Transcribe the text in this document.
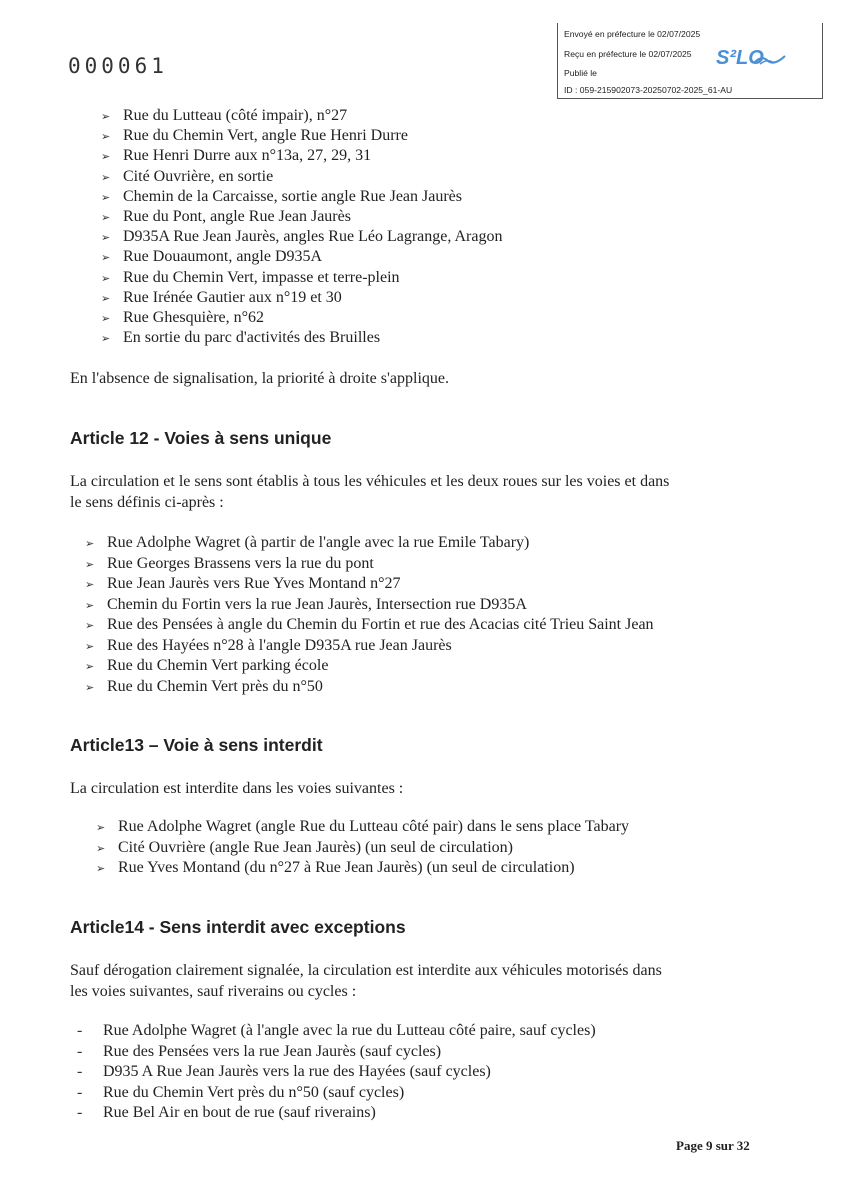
000061
Envoyé en préfecture le 02/07/2025
Reçu en préfecture le 02/07/2025
Publié le
ID : 059-215902073-20250702-2025_61-AU
S²LO
➢ Rue du Lutteau (côté impair), n°27
➢ Rue du Chemin Vert, angle Rue Henri Durre
➢ Rue Henri Durre aux n°13a, 27, 29, 31
➢ Cité Ouvrière, en sortie
➢ Chemin de la Carcaisse, sortie angle Rue Jean Jaurès
➢ Rue du Pont, angle Rue Jean Jaurès
➢ D935A Rue Jean Jaurès, angles Rue Léo Lagrange, Aragon
➢ Rue Douaumont, angle D935A
➢ Rue du Chemin Vert, impasse et terre-plein
➢ Rue Irénée Gautier aux n°19 et 30
➢ Rue Ghesquière, n°62
➢ En sortie du parc d'activités des Bruilles

En l'absence de signalisation, la priorité à droite s'applique.

Article 12 - Voies à sens unique

La circulation et le sens sont établis à tous les véhicules et les deux roues sur les voies et dans

le sens définis ci-après :

➢ Rue Adolphe Wagret (à partir de l'angle avec la rue Emile Tabary)
➢ Rue Georges Brassens vers la rue du pont
➢ Rue Jean Jaurès vers Rue Yves Montand n°27
➢ Chemin du Fortin vers la rue Jean Jaurès, Intersection rue D935A
➢ Rue des Pensées à angle du Chemin du Fortin et rue des Acacias cité Trieu Saint Jean
➢ Rue des Hayées n°28 à l'angle D935A rue Jean Jaurès
➢ Rue du Chemin Vert parking école
➢ Rue du Chemin Vert près du n°50
Article13 – Voie à sens interdit

La circulation est interdite dans les voies suivantes :

➢ Rue Adolphe Wagret (angle Rue du Lutteau côté pair) dans le sens place Tabary
➢ Cité Ouvrière (angle Rue Jean Jaurès) (un seul de circulation)
➢ Rue Yves Montand (du n°27 à Rue Jean Jaurès) (un seul de circulation)
Article14 - Sens interdit avec exceptions

Sauf dérogation clairement signalée, la circulation est interdite aux véhicules motorisés dans

les voies suivantes, sauf riverains ou cycles :

- Rue Adolphe Wagret (à l'angle avec la rue du Lutteau côté paire, sauf cycles)
- Rue des Pensées vers la rue Jean Jaurès (sauf cycles)
- D935 A Rue Jean Jaurès vers la rue des Hayées (sauf cycles)
- Rue du Chemin Vert près du n°50 (sauf cycles)
- Rue Bel Air en bout de rue (sauf riverains)
Page 9 sur 32
